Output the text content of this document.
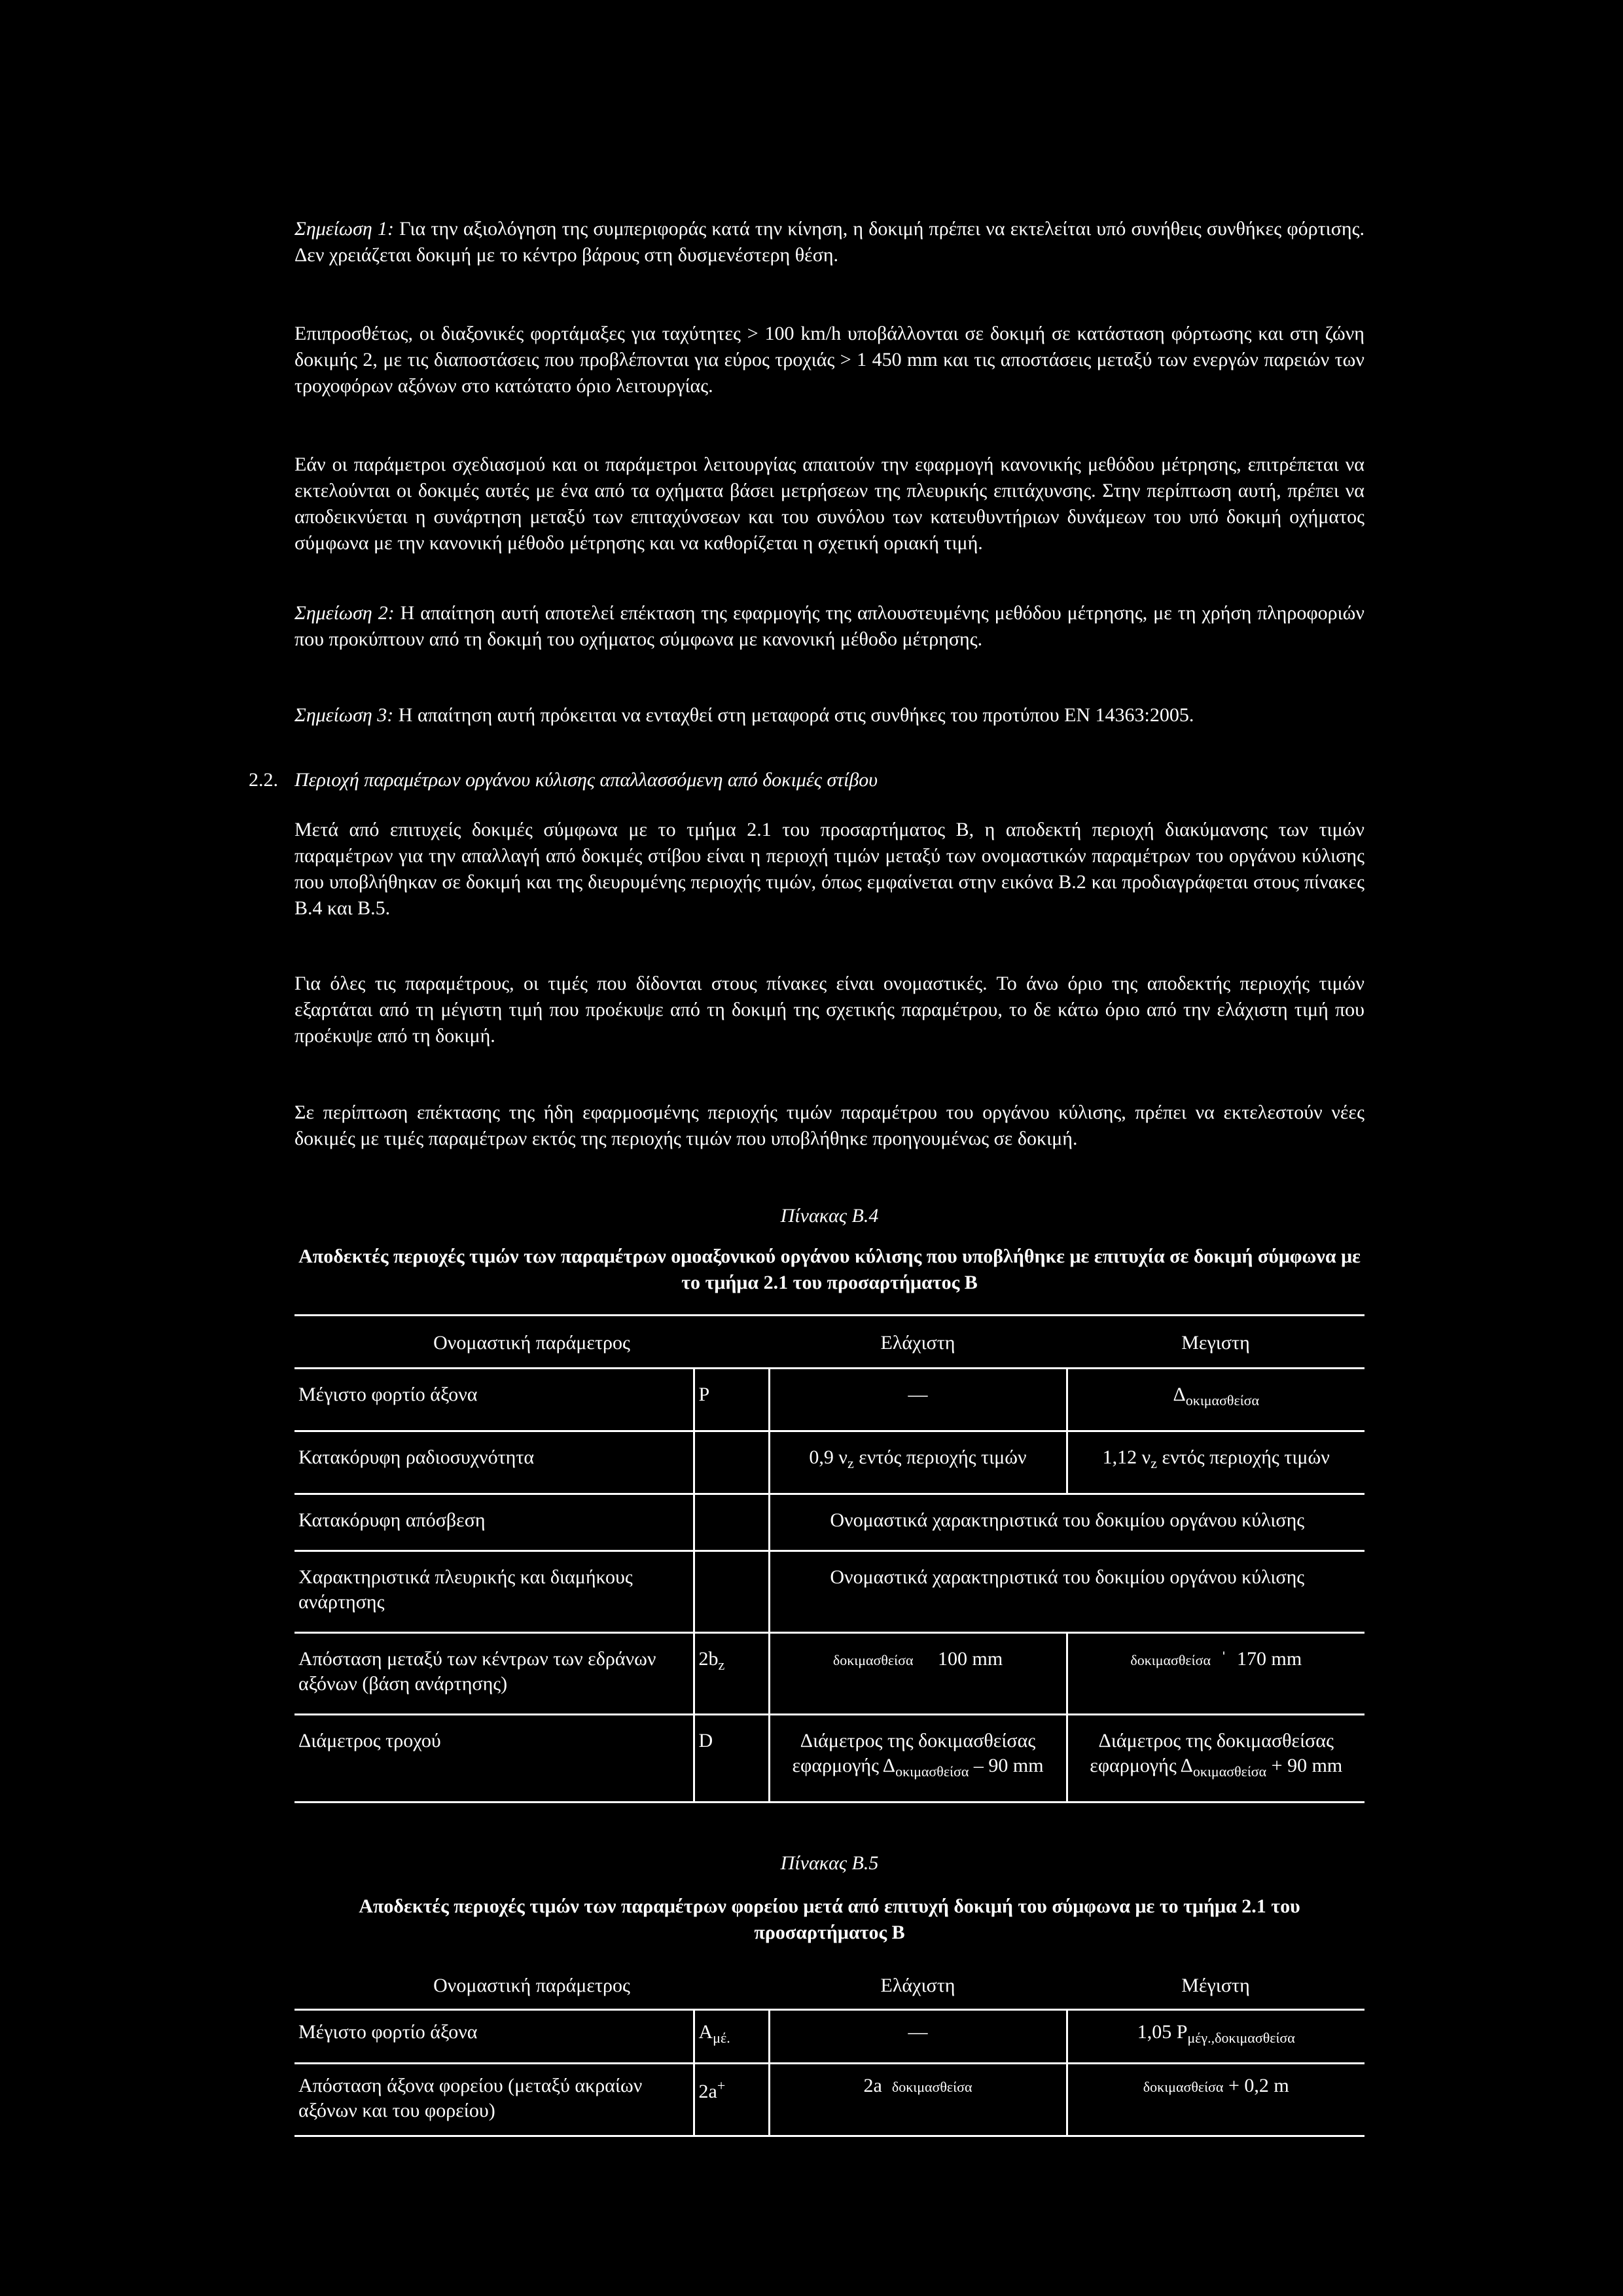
Σημείωση 1: Για την αξιολόγηση της συμπεριφοράς κατά την κίνηση, η δοκιμή πρέπει να εκτελείται υπό συνήθεις συνθήκες φόρτισης. Δεν χρειάζεται δοκιμή με το κέντρο βάρους στη δυσμενέστερη θέση.

Επιπροσθέτως, οι διαξονικές φορτάμαξες για ταχύτητες > 100 km/h υποβάλλονται σε δοκιμή σε κατάσταση φόρτωσης και στη ζώνη δοκιμής 2, με τις διαποστάσεις που προβλέπονται για εύρος τροχιάς > 1 450 mm και τις αποστάσεις μεταξύ των ενεργών παρειών των τροχοφόρων αξόνων στο κατώτατο όριο λειτουργίας.

Εάν οι παράμετροι σχεδιασμού και οι παράμετροι λειτουργίας απαιτούν την εφαρμογή κανονικής μεθόδου μέτρησης, επιτρέπεται να εκτελούνται οι δοκιμές αυτές με ένα από τα οχήματα βάσει μετρήσεων της πλευρικής επιτάχυνσης. Στην περίπτωση αυτή, πρέπει να αποδεικνύεται η συνάρτηση μεταξύ των επιταχύνσεων και του συνόλου των κατευθυντήριων δυνάμεων του υπό δοκιμή οχήματος σύμφωνα με την κανονική μέθοδο μέτρησης και να καθορίζεται η σχετική οριακή τιμή.

Σημείωση 2: Η απαίτηση αυτή αποτελεί επέκταση της εφαρμογής της απλουστευμένης μεθόδου μέτρησης, με τη χρήση πληροφοριών που προκύπτουν από τη δοκιμή του οχήματος σύμφωνα με κανονική μέθοδο μέτρησης.

Σημείωση 3: Η απαίτηση αυτή πρόκειται να ενταχθεί στη μεταφορά στις συνθήκες του προτύπου EN 14363:2005.

Μετά από επιτυχείς δοκιμές σύμφωνα με το τμήμα 2.1 του προσαρτήματος B, η αποδεκτή περιοχή διακύμανσης των τιμών παραμέτρων για την απαλλαγή από δοκιμές στίβου είναι η περιοχή τιμών μεταξύ των ονομαστικών παραμέτρων του οργάνου κύλισης που υποβλήθηκαν σε δοκιμή και της διευρυμένης περιοχής τιμών, όπως εμφαίνεται στην εικόνα B.2 και προδιαγράφεται στους πίνακες B.4 και B.5.

Για όλες τις παραμέτρους, οι τιμές που δίδονται στους πίνακες είναι ονομαστικές. Το άνω όριο της αποδεκτής περιοχής τιμών εξαρτάται από τη μέγιστη τιμή που προέκυψε από τη δοκιμή της σχετικής παραμέτρου, το δε κάτω όριο από την ελάχιστη τιμή που προέκυψε από τη δοκιμή.

Σε περίπτωση επέκτασης της ήδη εφαρμοσμένης περιοχής τιμών παραμέτρου του οργάνου κύλισης, πρέπει να εκτελεστούν νέες δοκιμές με τιμές παραμέτρων εκτός της περιοχής τιμών που υποβλήθηκε προηγουμένως σε δοκιμή.

Πίνακας B.4
Αποδεκτές περιοχές τιμών των παραμέτρων ομοαξονικού οργάνου κύλισης που υποβλήθηκε με επιτυχία σε δοκιμή σύμφωνα με το τμήμα 2.1 του προσαρτήματος B
Ονομαστική παράμετρος		Ελάχιστη	Μεγιστη
Μέγιστο φορτίο άξονα	P	—	$\Delta_{o\kappa\iota\mu\alpha\sigma\theta\varepsilon ί\sigma\alpha}$
Κατακόρυφη ραδιοσυχνότητα		0,9 $\nu_z$ εντός περιοχής τιμών	1,12 $\nu_z$ εντός περιοχής τιμών
Κατακόρυφη απόσβεση		Ονομαστικά χαρακτηριστικά του δοκιμίου οργάνου κύλισης	
Χαρακτηριστικά πλευρικής και διαμήκους ανάρτησης		Ονομαστικά χαρακτηριστικά του δοκιμίου οργάνου κύλισης	
Απόσταση μεταξύ των κέντρων των εδράνων αξόνων (βάση ανάρτησης)	$2b_z$	δοκιμασθείσα 100 mm	δοκιμασθείσα ˈ 170 mm
Διάμετρος τροχού	D	Διάμετρος της δοκιμασθείσας εφαρμογής $\Delta_{o\kappa\iota\mu\alpha\sigma\theta\varepsilon ί\sigma\alpha} - 90$ mm	Διάμετρος της δοκιμασθείσας εφαρμογής $\Delta_{o\kappa\iota\mu\alpha\sigma\theta\varepsilon ί\sigma\alpha} + 90$ mm
Πίνακας B.5
Αποδεκτές περιοχές τιμών των παραμέτρων φορείου μετά από επιτυχή δοκιμή του σύμφωνα με το τμήμα 2.1 του προσαρτήματος B
Ονομαστική παράμετρος		Ελάχιστη	Μέγιστη
Μέγιστο φορτίο άξονα	$A_{\mu έ.}$	—	1,05 $P_{\mu έ\gamma.,\delta o\kappa\iota\mu\alpha\sigma\theta\varepsilon ί\sigma\alpha}$
Απόσταση άξονα φορείου (μεταξύ ακραίων αξόνων και του φορείου)	2a+	2a δοκιμασθείσα	δοκιμασθείσα + 0,2 m
2.2. Περιοχή παραμέτρων οργάνου κύλισης απαλλασσόμενη από δοκιμές στίβου
